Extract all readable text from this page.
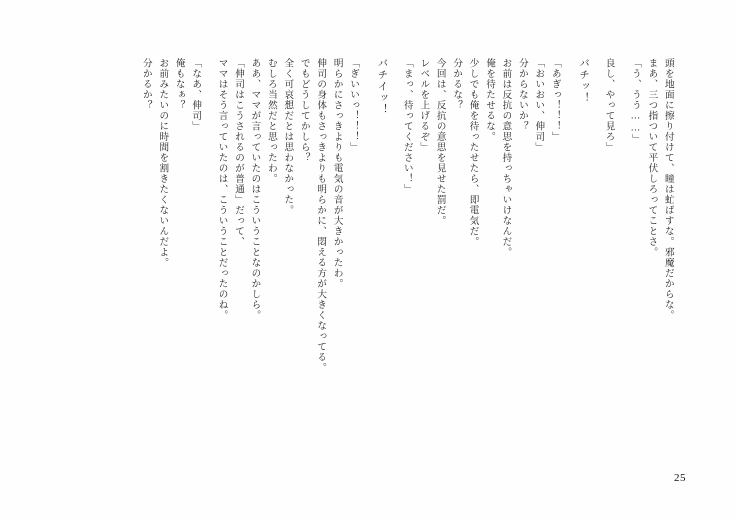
頭を地面に擦り付けて、瞳は虻ばすな。邪魔だからな。
まあ、三つ指ついて平伏しろってことさ。
「う、うう……」
良し、やって見ろ」
バチッ！
「あぎっ！！！」
「おいおい、伸司」
分からないか？
お前は反抗の意思を持っちゃいけなんだ。
俺を待たせるな。
少しでも俺を待ったせたら、即電気だ。
分かるな？
今回は、反抗の意思を見せた罰だ。
レベルを上げるぞ」
「まっ、待ってください！」
バチイッ！
「ぎいいっ！！！」
明らかにさっきよりも電気の音が大きかったわ。
伸司の身体もさっきよりも明らかに、悶える方が大きくなってる。
でもどうしてかしら？
全く可哀想だとは思わなかった。
むしろ当然だと思ったわ。
ああ、ママが言っていたのはこういうことなのかしら。
「伸司はこうされるのが普通」だって、
ママはそう言っていたのは、こういうことだったのね。
「なあ、伸司」
俺もなぁ？
お前みたいのに時間を割きたくないんだよ。
分かるか？
25
